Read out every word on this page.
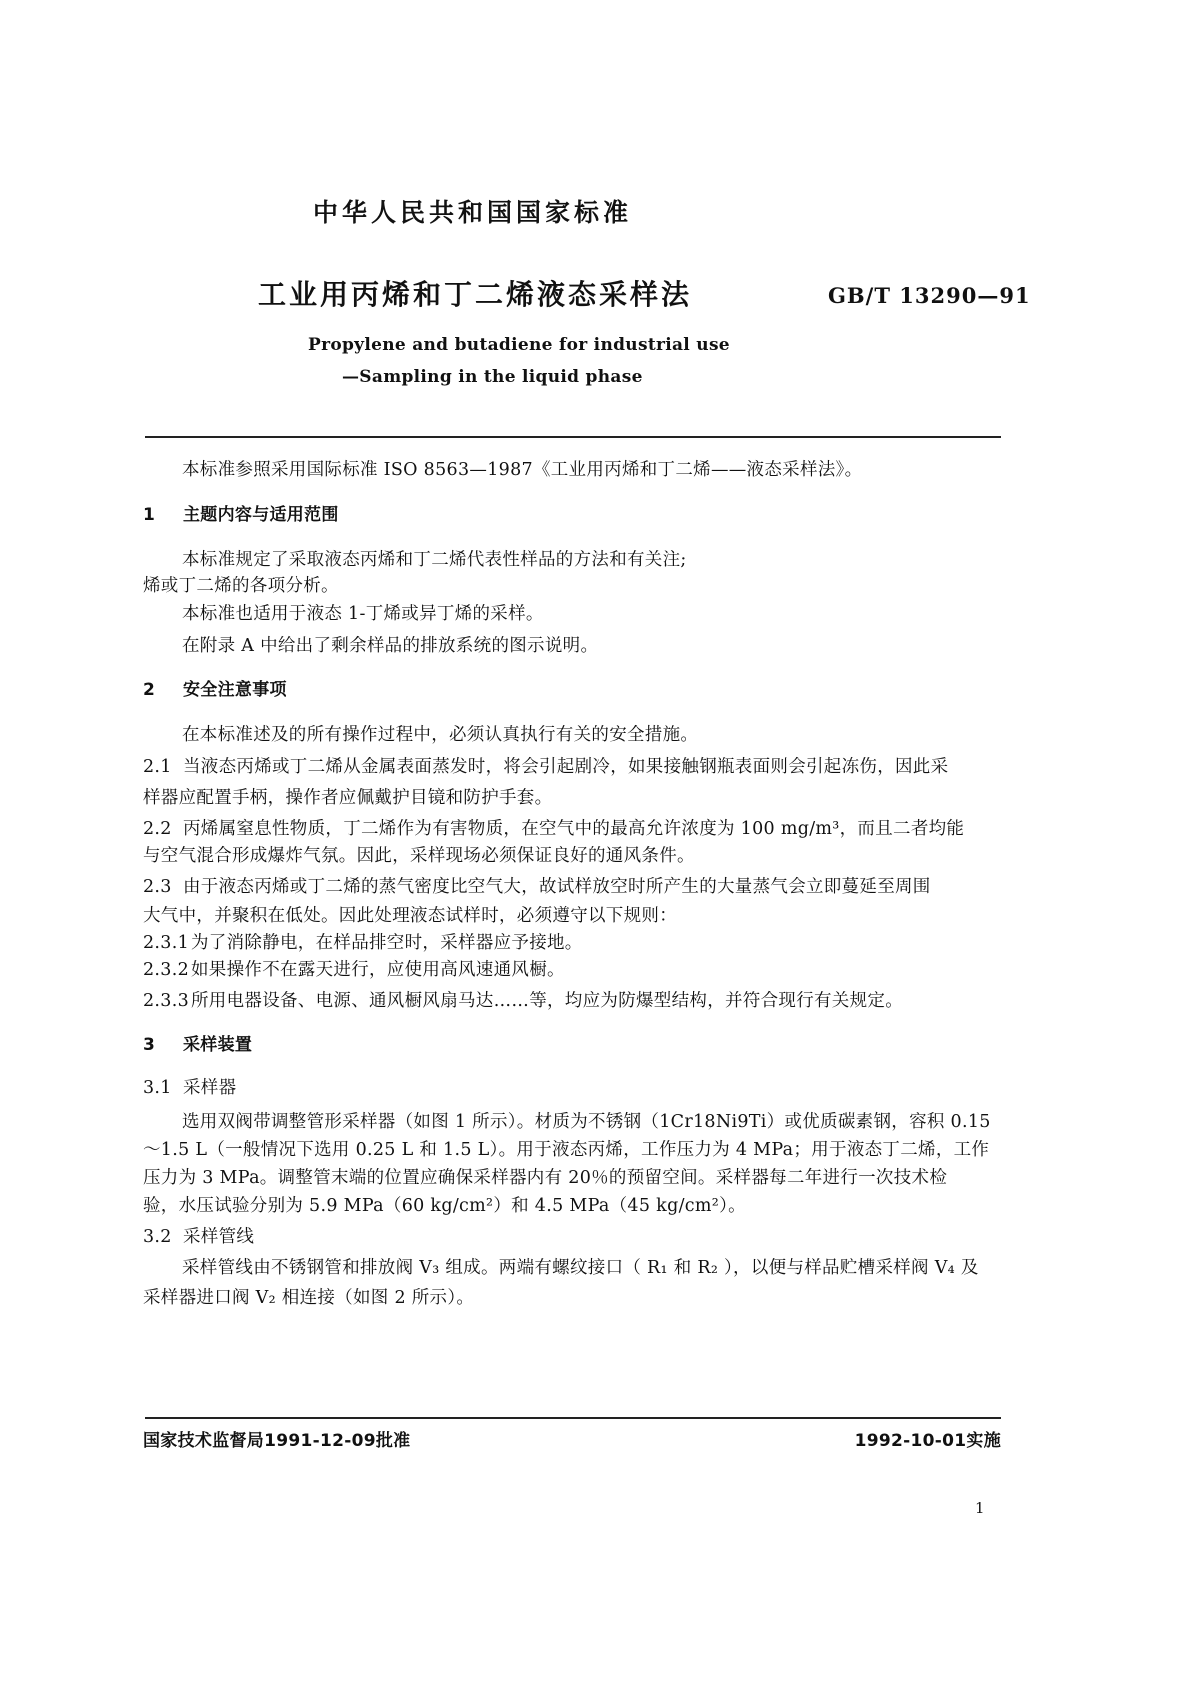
中华人民共和国国家标准
工业用丙烯和丁二烯液态采样法	GB/T 13290—91
Propylene and butadiene for industrial use
—Sampling in the liquid phase
本标准参照采用国际标准 ISO 8563—1987《工业用丙烯和丁二烯——液态采样法》。
1 主题内容与适用范围
本标准规定了采取液态丙烯和丁二烯代表性样品的方法和有关注;
烯或丁二烯的各项分析。
本标准也适用于液态 1-丁烯或异丁烯的采样。
在附录 A 中给出了剩余样品的排放系统的图示说明。
2 安全注意事项
在本标准述及的所有操作过程中，必须认真执行有关的安全措施。
2.1 当液态丙烯或丁二烯从金属表面蒸发时，将会引起剧冷，如果接触钢瓶表面则会引起冻伤，因此采
样器应配置手柄，操作者应佩戴护目镜和防护手套。
2.2 丙烯属窒息性物质，丁二烯作为有害物质，在空气中的最高允许浓度为 100 mg/m³，而且二者均能
与空气混合形成爆炸气氛。因此，采样现场必须保证良好的通风条件。
2.3 由于液态丙烯或丁二烯的蒸气密度比空气大，故试样放空时所产生的大量蒸气会立即蔓延至周围
大气中，并聚积在低处。因此处理液态试样时，必须遵守以下规则：
2.3.1 为了消除静电，在样品排空时，采样器应予接地。
2.3.2 如果操作不在露天进行，应使用高风速通风橱。
2.3.3 所用电器设备、电源、通风橱风扇马达……等，均应为防爆型结构，并符合现行有关规定。
3 采样装置
3.1 采样器
选用双阀带调整管形采样器（如图 1 所示）。材质为不锈钢（1Cr18Ni9Ti）或优质碳素钢，容积 0.15
～1.5 L（一般情况下选用 0.25 L 和 1.5 L）。用于液态丙烯，工作压力为 4 MPa；用于液态丁二烯，工作
压力为 3 MPa。调整管末端的位置应确保采样器内有 20％的预留空间。采样器每二年进行一次技术检
验，水压试验分别为 5.9 MPa（60 kg/cm²）和 4.5 MPa（45 kg/cm²）。
3.2 采样管线
采样管线由不锈钢管和排放阀 V₃ 组成。两端有螺纹接口（ R₁ 和 R₂ ），以便与样品贮槽采样阀 V₄ 及
采样器进口阀 V₂ 相连接（如图 2 所示）。
国家技术监督局1991-12-09批准	1992-10-01实施
1
